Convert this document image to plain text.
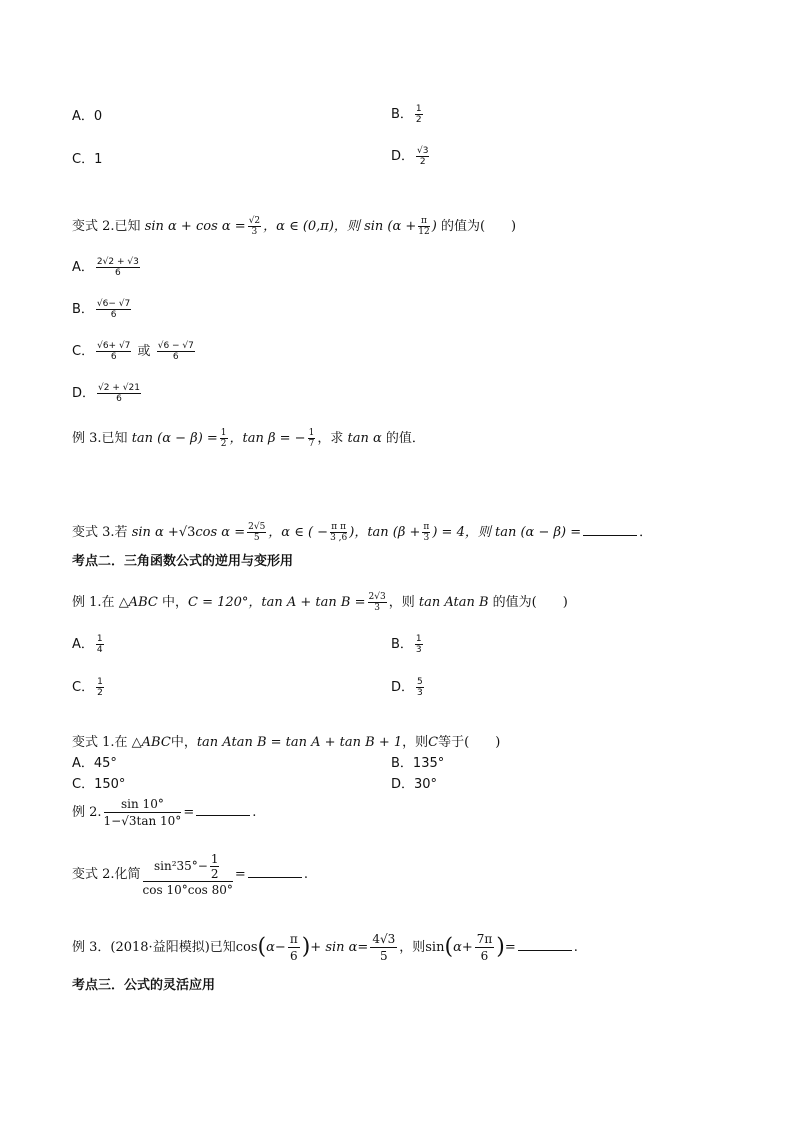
A．0	B． $\frac{1}{2}$
C．1	D． $\frac{√3}{2}$
变式 2.已知 $\sin \alpha + \cos \alpha = \frac{√2}{3}$ ，α ∈ (0,π)，则 $\sin (\alpha + \frac{\pi}{12}$ ) 的值为(　　)
A． $\frac{2√2 + √3}{6}$
B． $\frac{√6- √7}{6}$
C． $\frac{√6+ √7}{6}$ 或 $\frac{√6 - √7}{6}$
D． $\frac{√2 + √21}{6}$
例 3.已知 $\tan (\alpha - \beta) = \frac{1}{2}$ ，tan β = − $\frac{1}{7}$ ，求 tan α 的值．
变式 3.若 sin α +√3cos $\alpha = \frac{2√5}{5}$ ，α ∈ ( − $\frac{\text{π π}}{3 ,6}$ )，$\tan (\beta + \frac{\pi}{3}$ ) = 4，则 tan (α − β) =	．
考点二．三角函数公式的逆用与变形用
例 1.在 △ABC 中，C = 120°，$\tan A + \tan B = \frac{2√3}{3}$ ，则 tan Atan B 的值为(　　)
A． $\frac{1}{4}$	B． $\frac{1}{3}$
C． $\frac{1}{2}$	D． $\frac{5}{3}$
变式 1.在 △ABC中，tan Atan B = tan A + tan B + 1，则C等于(　　)
A．45°	B．135°
C．150°	D．30°
例 2. $\frac{\sin 10^\circ}{1-√3\tan 10^\circ}$ =	.
变式 2.化简 $\frac{\sin^235^\circ- \frac{1}{2}}{\cos 10^\circ\cos 80^\circ}$ =	.
例 3．(2018·益阳模拟)已知$\cos(\alpha- \frac{\pi}{6}$ )+ $\sin \alpha= \frac{4√3}{5}$ ，则$\sin(\alpha+ \frac{7\pi}{6}$ )=	.
考点三．公式的灵活应用
